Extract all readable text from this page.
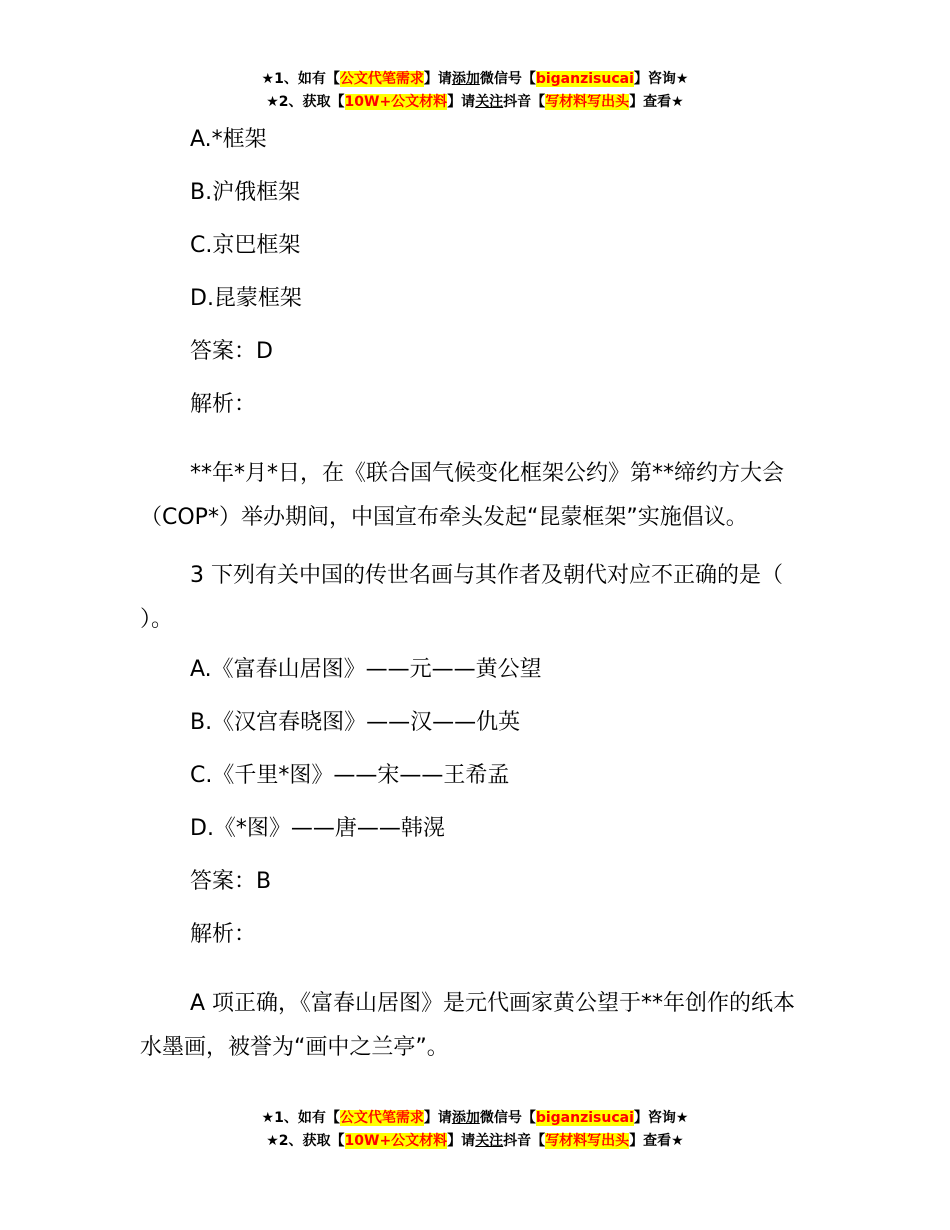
★1、如有【公文代笔需求】请添加微信号【biganzisucai】咨询★
★2、获取【10W+公文材料】请关注抖音【写材料写出头】查看★
A.*框架
B.沪俄框架
C.京巴框架
D.昆蒙框架
答案：D
解析：
**年*月*日，在《联合国气候变化框架公约》第**缔约方大会（COP*）举办期间，中国宣布牵头发起“昆蒙框架”实施倡议。
3 下列有关中国的传世名画与其作者及朝代对应不正确的是（ ）。
A.《富春山居图》——元——黄公望
B.《汉宫春晓图》——汉——仇英
C.《千里*图》——宋——王希孟
D.《*图》——唐——韩滉
答案：B
解析：
A 项正确，《富春山居图》是元代画家黄公望于**年创作的纸本水墨画，被誉为“画中之兰亭”。
★1、如有【公文代笔需求】请添加微信号【biganzisucai】咨询★
★2、获取【10W+公文材料】请关注抖音【写材料写出头】查看★
